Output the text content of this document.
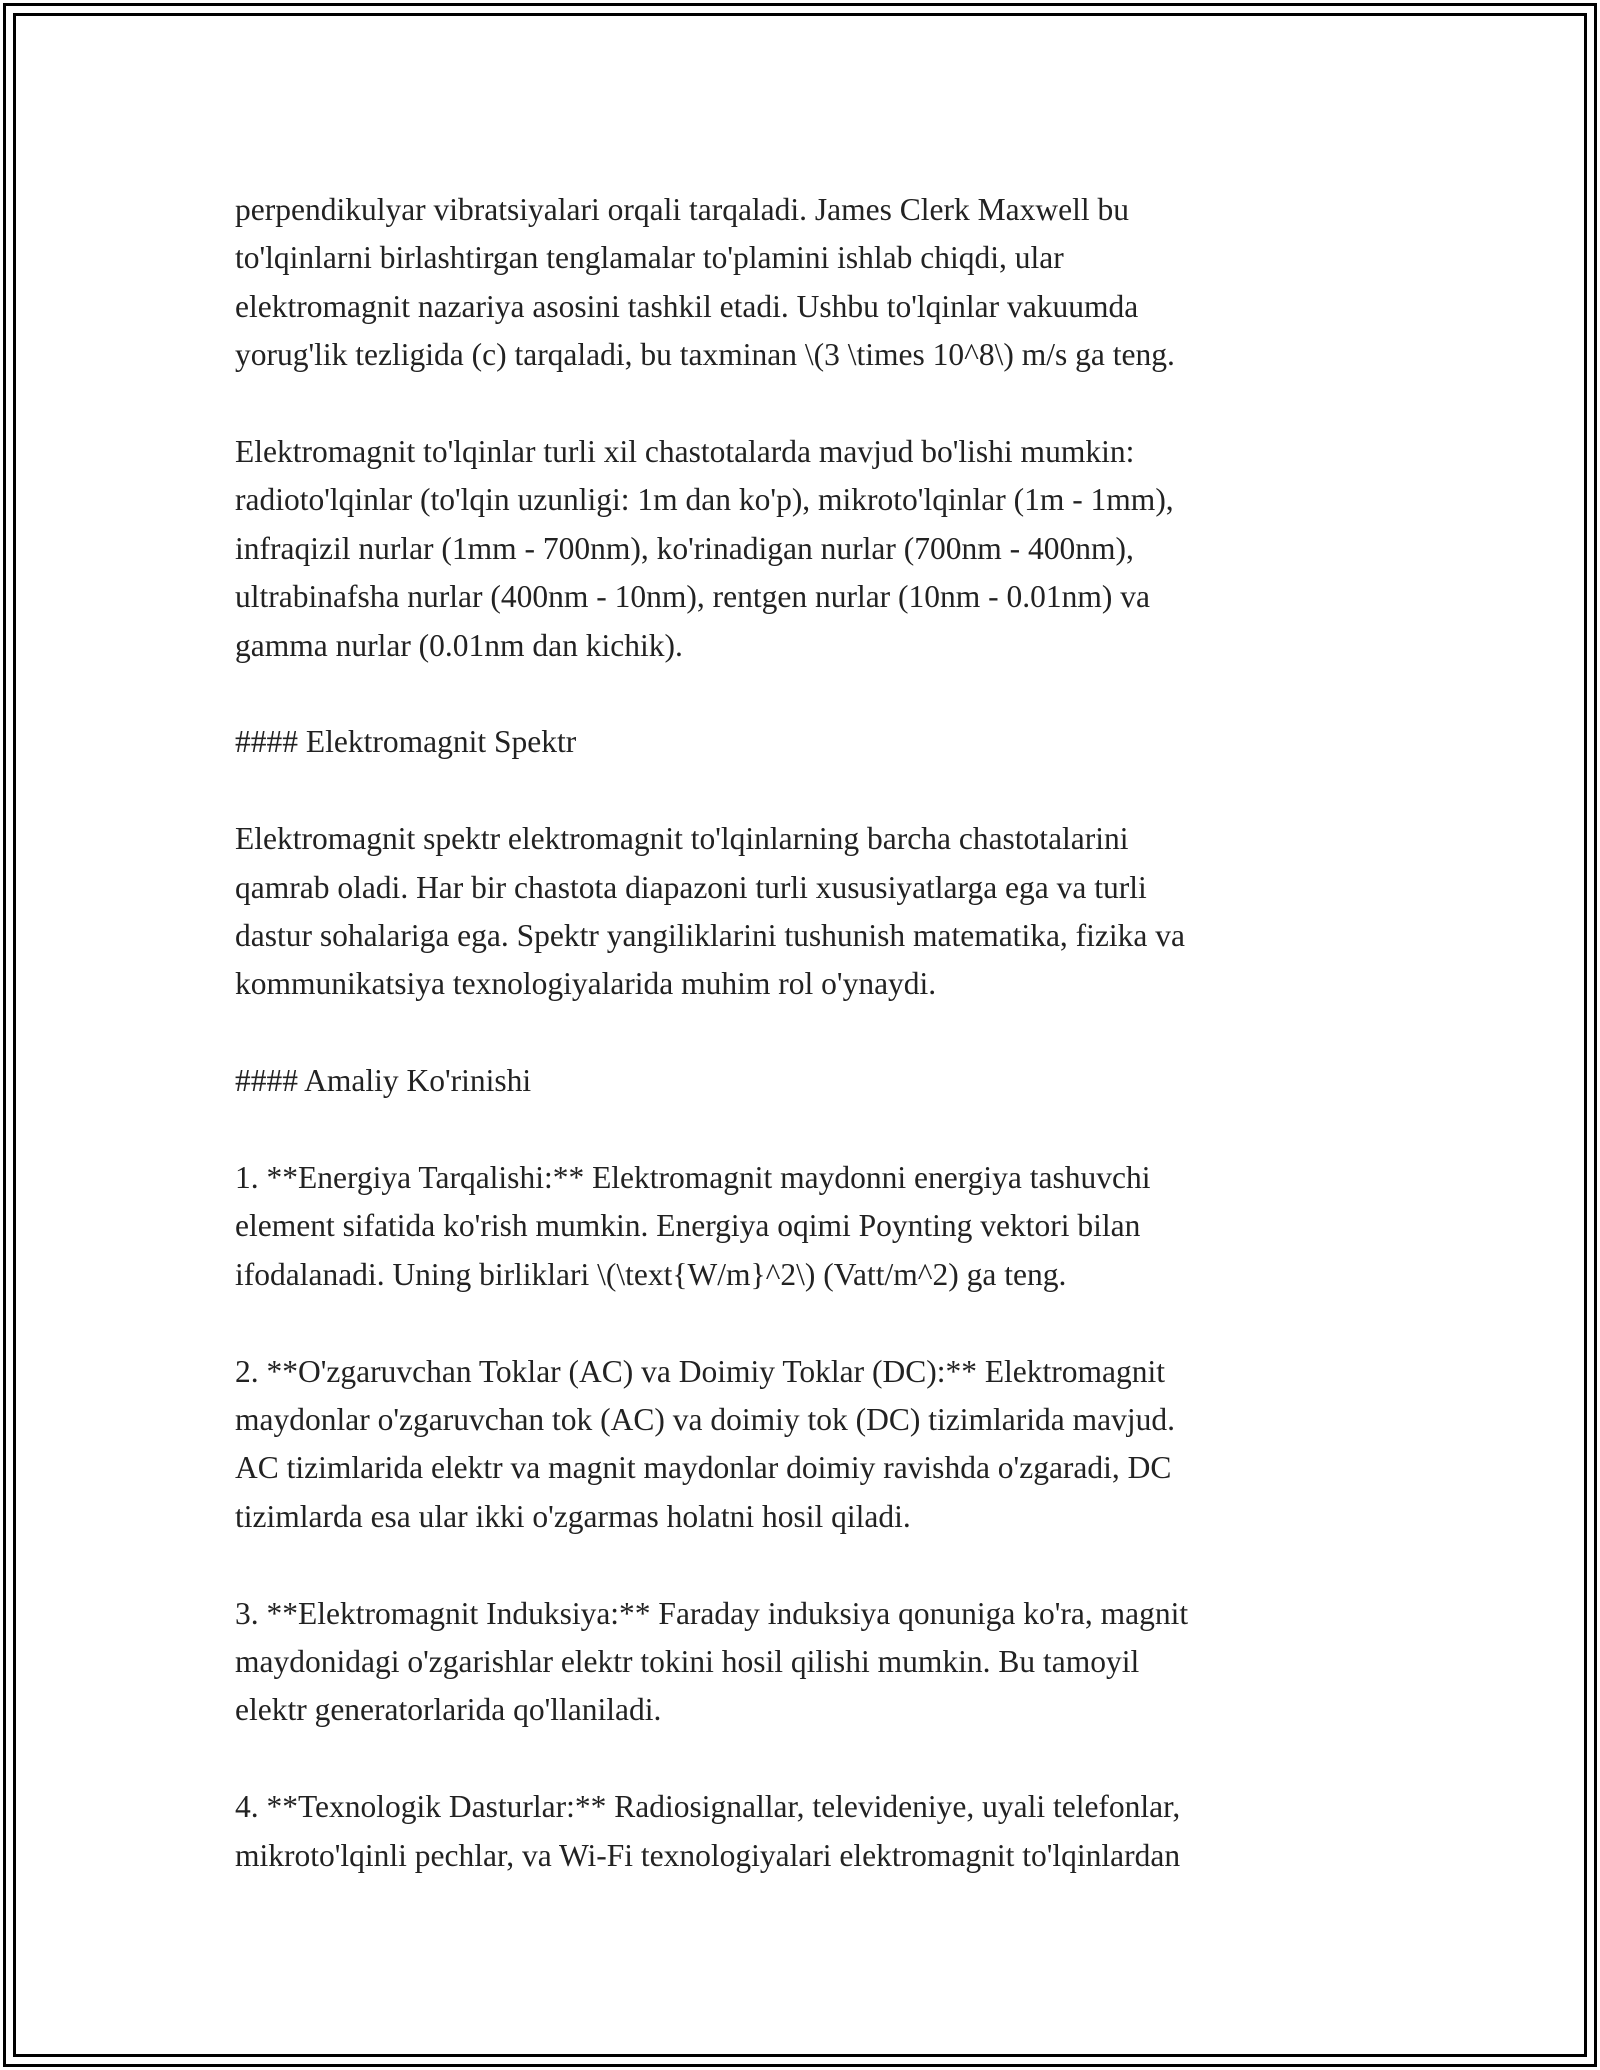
perpendikulyar vibratsiyalari orqali tarqaladi. James Clerk Maxwell bu
to'lqinlarni birlashtirgan tenglamalar to'plamini ishlab chiqdi, ular
elektromagnit nazariya asosini tashkil etadi. Ushbu to'lqinlar vakuumda
yorug'lik tezligida (c) tarqaladi, bu taxminan \(3 \times 10^8\) m/s ga teng.

Elektromagnit to'lqinlar turli xil chastotalarda mavjud bo'lishi mumkin:
radioto'lqinlar (to'lqin uzunligi: 1m dan ko'p), mikroto'lqinlar (1m - 1mm),
infraqizil nurlar (1mm - 700nm), ko'rinadigan nurlar (700nm - 400nm),
ultrabinafsha nurlar (400nm - 10nm), rentgen nurlar (10nm - 0.01nm) va
gamma nurlar (0.01nm dan kichik).

#### Elektromagnit Spektr

Elektromagnit spektr elektromagnit to'lqinlarning barcha chastotalarini
qamrab oladi. Har bir chastota diapazoni turli xususiyatlarga ega va turli
dastur sohalariga ega. Spektr yangiliklarini tushunish matematika, fizika va
kommunikatsiya texnologiyalarida muhim rol o'ynaydi.

#### Amaliy Ko'rinishi

1. **Energiya Tarqalishi:** Elektromagnit maydonni energiya tashuvchi
element sifatida ko'rish mumkin. Energiya oqimi Poynting vektori bilan
ifodalanadi. Uning birliklari \(\text{W/m}^2\) (Vatt/m^2) ga teng.

2. **O'zgaruvchan Toklar (AC) va Doimiy Toklar (DC):** Elektromagnit
maydonlar o'zgaruvchan tok (AC) va doimiy tok (DC) tizimlarida mavjud.
AC tizimlarida elektr va magnit maydonlar doimiy ravishda o'zgaradi, DC
tizimlarda esa ular ikki o'zgarmas holatni hosil qiladi.

3. **Elektromagnit Induksiya:** Faraday induksiya qonuniga ko'ra, magnit
maydonidagi o'zgarishlar elektr tokini hosil qilishi mumkin. Bu tamoyil
elektr generatorlarida qo'llaniladi.

4. **Texnologik Dasturlar:** Radiosignallar, televideniye, uyali telefonlar,
mikroto'lqinli pechlar, va Wi-Fi texnologiyalari elektromagnit to'lqinlardan
